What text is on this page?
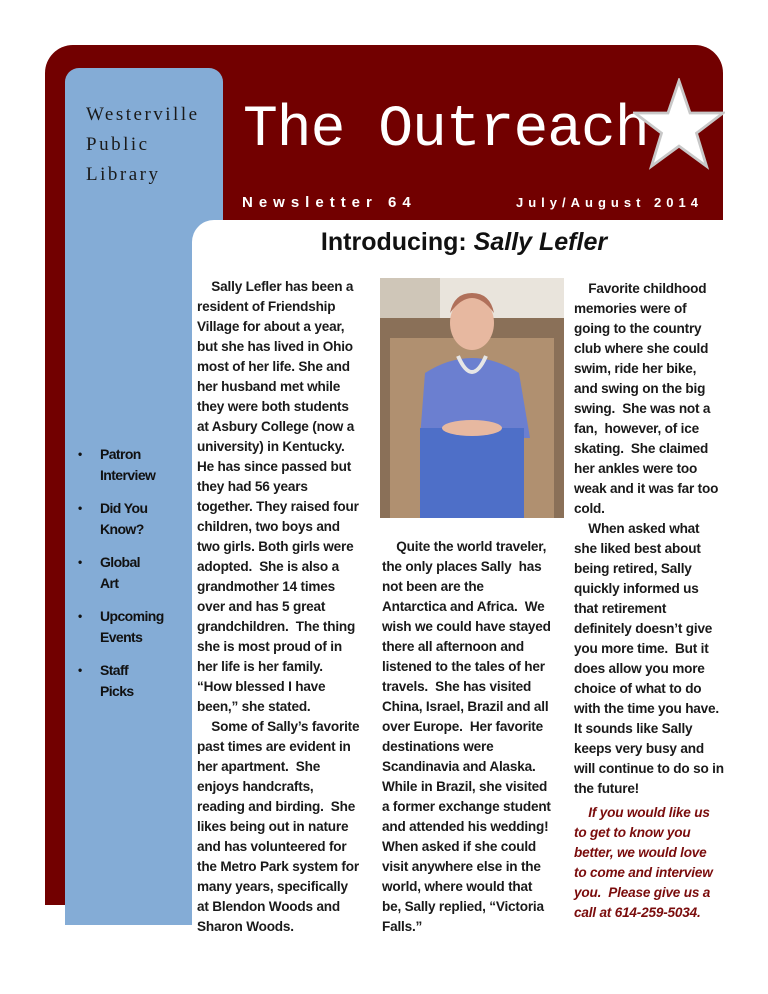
Westerville
Public
Library
The Outreach
Newsletter 64	July/August 2014
• Patron
Interview
• Did You
Know?
• Global
Art
• Upcoming
Events
• Staff
Picks
Introducing: Sally Lefler
Sally Lefler has been a
resident of Friendship
Village for about a year,
but she has lived in Ohio
most of her life. She and
her husband met while
they were both students
at Asbury College (now a
university) in Kentucky.
He has since passed but
they had 56 years
together. They raised four
children, two boys and
two girls. Both girls were
adopted.  She is also a
grandmother 14 times
over and has 5 great
grandchildren.  The thing
she is most proud of in
her life is her family.
“How blessed I have
been,” she stated.
Some of Sally’s favorite
past times are evident in
her apartment.  She
enjoys handcrafts,
reading and birding.  She
likes being out in nature
and has volunteered for
the Metro Park system for
many years, specifically
at Blendon Woods and
Sharon Woods.
Quite the world traveler,
the only places Sally  has
not been are the
Antarctica and Africa.  We
wish we could have stayed
there all afternoon and
listened to the tales of her
travels.  She has visited
China, Israel, Brazil and all
over Europe.  Her favorite
destinations were
Scandinavia and Alaska.
While in Brazil, she visited
a former exchange student
and attended his wedding!
When asked if she could
visit anywhere else in the
world, where would that
be, Sally replied, “Victoria
Falls.”
Favorite childhood
memories were of
going to the country
club where she could
swim, ride her bike,
and swing on the big
swing.  She was not a
fan,  however, of ice
skating.  She claimed
her ankles were too
weak and it was far too
cold.
When asked what
she liked best about
being retired, Sally
quickly informed us
that retirement
definitely doesn’t give
you more time.  But it
does allow you more
choice of what to do
with the time you have.
It sounds like Sally
keeps very busy and
will continue to do so in
the future!
If you would like us
to get to know you
better, we would love
to come and interview
you.  Please give us a
call at 614-259-5034.
